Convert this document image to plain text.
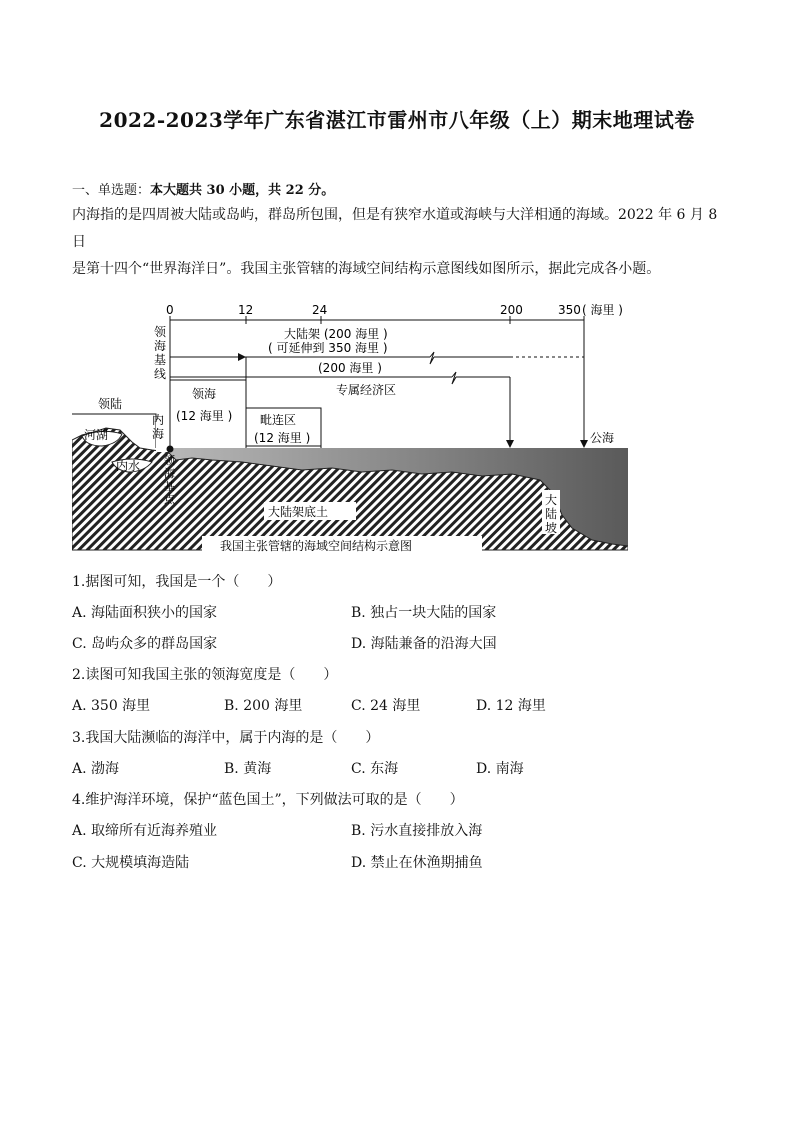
2022-2023学年广东省湛江市雷州市八年级（上）期末地理试卷
一、单选题：本大题共 30 小题，共 22 分。
内海指的是四周被大陆或岛屿，群岛所包围，但是有狭窄水道或海峡与大洋相通的海域。2022 年 6 月 8 日
是第十四个“世界海洋日”。我国主张管辖的海域空间结构示意图线如图所示，据此完成各小题。
0	12	24	200	350 ( 海里 )
领
海
基
线
大陆架 (200 海里 )
( 可延伸到 350 海里 )
(200 海里 )
专属经济区
领海
(12 海里 ) 毗连区
(12 海里 )	公海
领陆
河湖
内
海
内水 领
海
基
点
大陆架底土
大
陆
坡
我国主张管辖的海域空间结构示意图
1.据图可知，我国是一个（　　）
A. 海陆面积狭小的国家	B. 独占一块大陆的国家
C. 岛屿众多的群岛国家	D. 海陆兼备的沿海大国
2.读图可知我国主张的领海宽度是（　　）
A. 350 海里	B. 200 海里	C. 24 海里	D. 12 海里
3.我国大陆濒临的海洋中，属于内海的是（　　）
A. 渤海	B. 黄海	C. 东海	D. 南海
4.维护海洋环境，保护“蓝色国土”，下列做法可取的是（　　）
A. 取缔所有近海养殖业	B. 污水直接排放入海
C. 大规模填海造陆	D. 禁止在休渔期捕鱼
